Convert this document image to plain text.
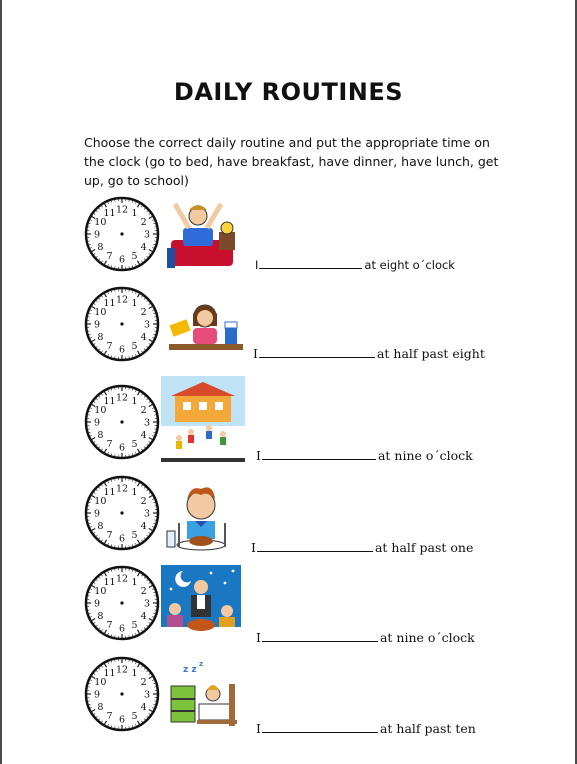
DAILY ROUTINES
Choose the correct daily routine and put the appropriate time on the clock (go to bed, have breakfast, have dinner, have lunch, get up, go to school)
12 1
2
3
4
5
6
7
8
9
10
11
I	at eight o´clock
12 1
2
3
4
5
6
7
8
9
10
11
I	at half past eight
12 1
2
3
4
5
6
7
8
9
10
11
I	at nine o´clock
12 1
2
3
4
5
6
7
8
9
10
11
I	at half past one
12 1
2
3
4
5
6
7
8
9
10
11
I	at nine o´clock
12 1
2
3
4
5
6
7
8
9
10
11	z z
z
I	at half past ten
